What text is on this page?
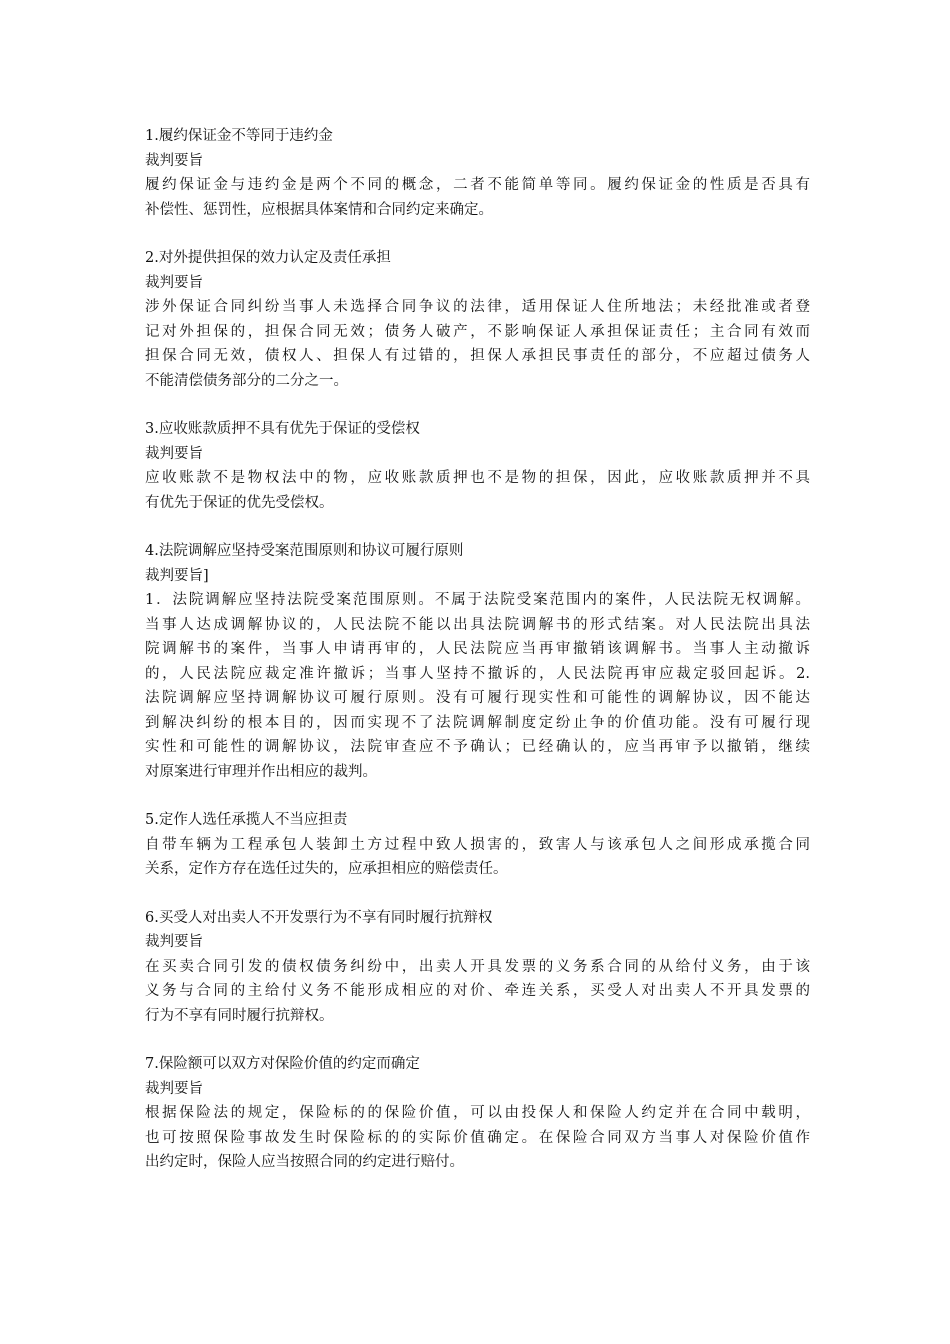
1.履约保证金不等同于违约金
裁判要旨
履约保证金与违约金是两个不同的概念，二者不能简单等同。履约保证金的性质是否具有
补偿性、惩罚性，应根据具体案情和合同约定来确定。
2.对外提供担保的效力认定及责任承担
裁判要旨
涉外保证合同纠纷当事人未选择合同争议的法律，适用保证人住所地法；未经批准或者登
记对外担保的，担保合同无效；债务人破产，不影响保证人承担保证责任；主合同有效而
担保合同无效，债权人、担保人有过错的，担保人承担民事责任的部分，不应超过债务人
不能清偿债务部分的二分之一。
3.应收账款质押不具有优先于保证的受偿权
裁判要旨
应收账款不是物权法中的物，应收账款质押也不是物的担保，因此，应收账款质押并不具
有优先于保证的优先受偿权。
4.法院调解应坚持受案范围原则和协议可履行原则
裁判要旨]
1．法院调解应坚持法院受案范围原则。不属于法院受案范围内的案件，人民法院无权调解。
当事人达成调解协议的，人民法院不能以出具法院调解书的形式结案。对人民法院出具法
院调解书的案件，当事人申请再审的，人民法院应当再审撤销该调解书。当事人主动撤诉
的，人民法院应裁定准许撤诉；当事人坚持不撤诉的，人民法院再审应裁定驳回起诉。2.
法院调解应坚持调解协议可履行原则。没有可履行现实性和可能性的调解协议，因不能达
到解决纠纷的根本目的，因而实现不了法院调解制度定纷止争的价值功能。没有可履行现
实性和可能性的调解协议，法院审查应不予确认；已经确认的，应当再审予以撤销，继续
对原案进行审理并作出相应的裁判。
5.定作人选任承揽人不当应担责
自带车辆为工程承包人装卸土方过程中致人损害的，致害人与该承包人之间形成承揽合同
关系，定作方存在选任过失的，应承担相应的赔偿责任。
6.买受人对出卖人不开发票行为不享有同时履行抗辩权
裁判要旨
在买卖合同引发的债权债务纠纷中，出卖人开具发票的义务系合同的从给付义务，由于该
义务与合同的主给付义务不能形成相应的对价、牵连关系，买受人对出卖人不开具发票的
行为不享有同时履行抗辩权。
7.保险额可以双方对保险价值的约定而确定
裁判要旨
根据保险法的规定，保险标的的保险价值，可以由投保人和保险人约定并在合同中载明，
也可按照保险事故发生时保险标的的实际价值确定。在保险合同双方当事人对保险价值作
出约定时，保险人应当按照合同的约定进行赔付。
